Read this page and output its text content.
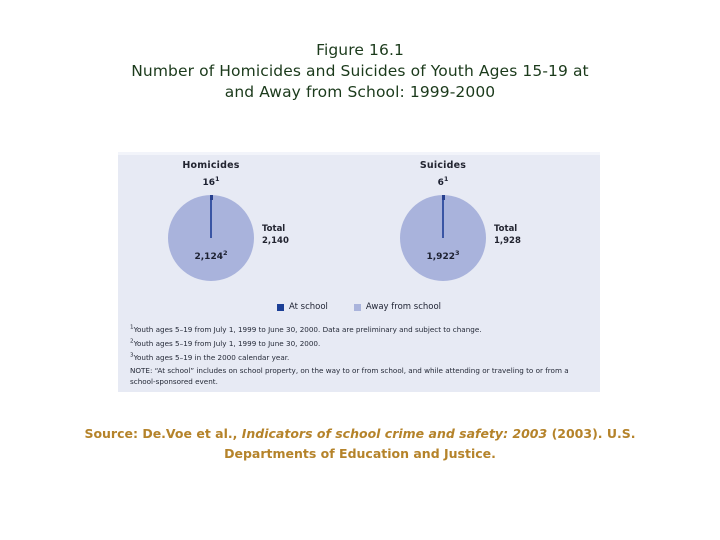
Figure 16.1
Number of Homicides and Suicides of Youth Ages 15-19 at
and Away from School: 1999-2000
Homicides
$16^1$
2,124$^2$
Total
2,140
Suicides
$6^1$
1,922$^3$
Total
1,928
At school	Away from school
$^1$Youth ages 5–19 from July 1, 1999 to June 30, 2000. Data are preliminary and subject to change.
$^2$Youth ages 5–19 from July 1, 1999 to June 30, 2000.
$^3$Youth ages 5–19 in the 2000 calendar year.
NOTE: “At school” includes on school property, on the way to or from school, and while attending or traveling to or from a school-sponsored event.
Source: De.Voe et al., Indicators of school crime and safety: 2003 (2003). U.S.
Departments of Education and Justice.
